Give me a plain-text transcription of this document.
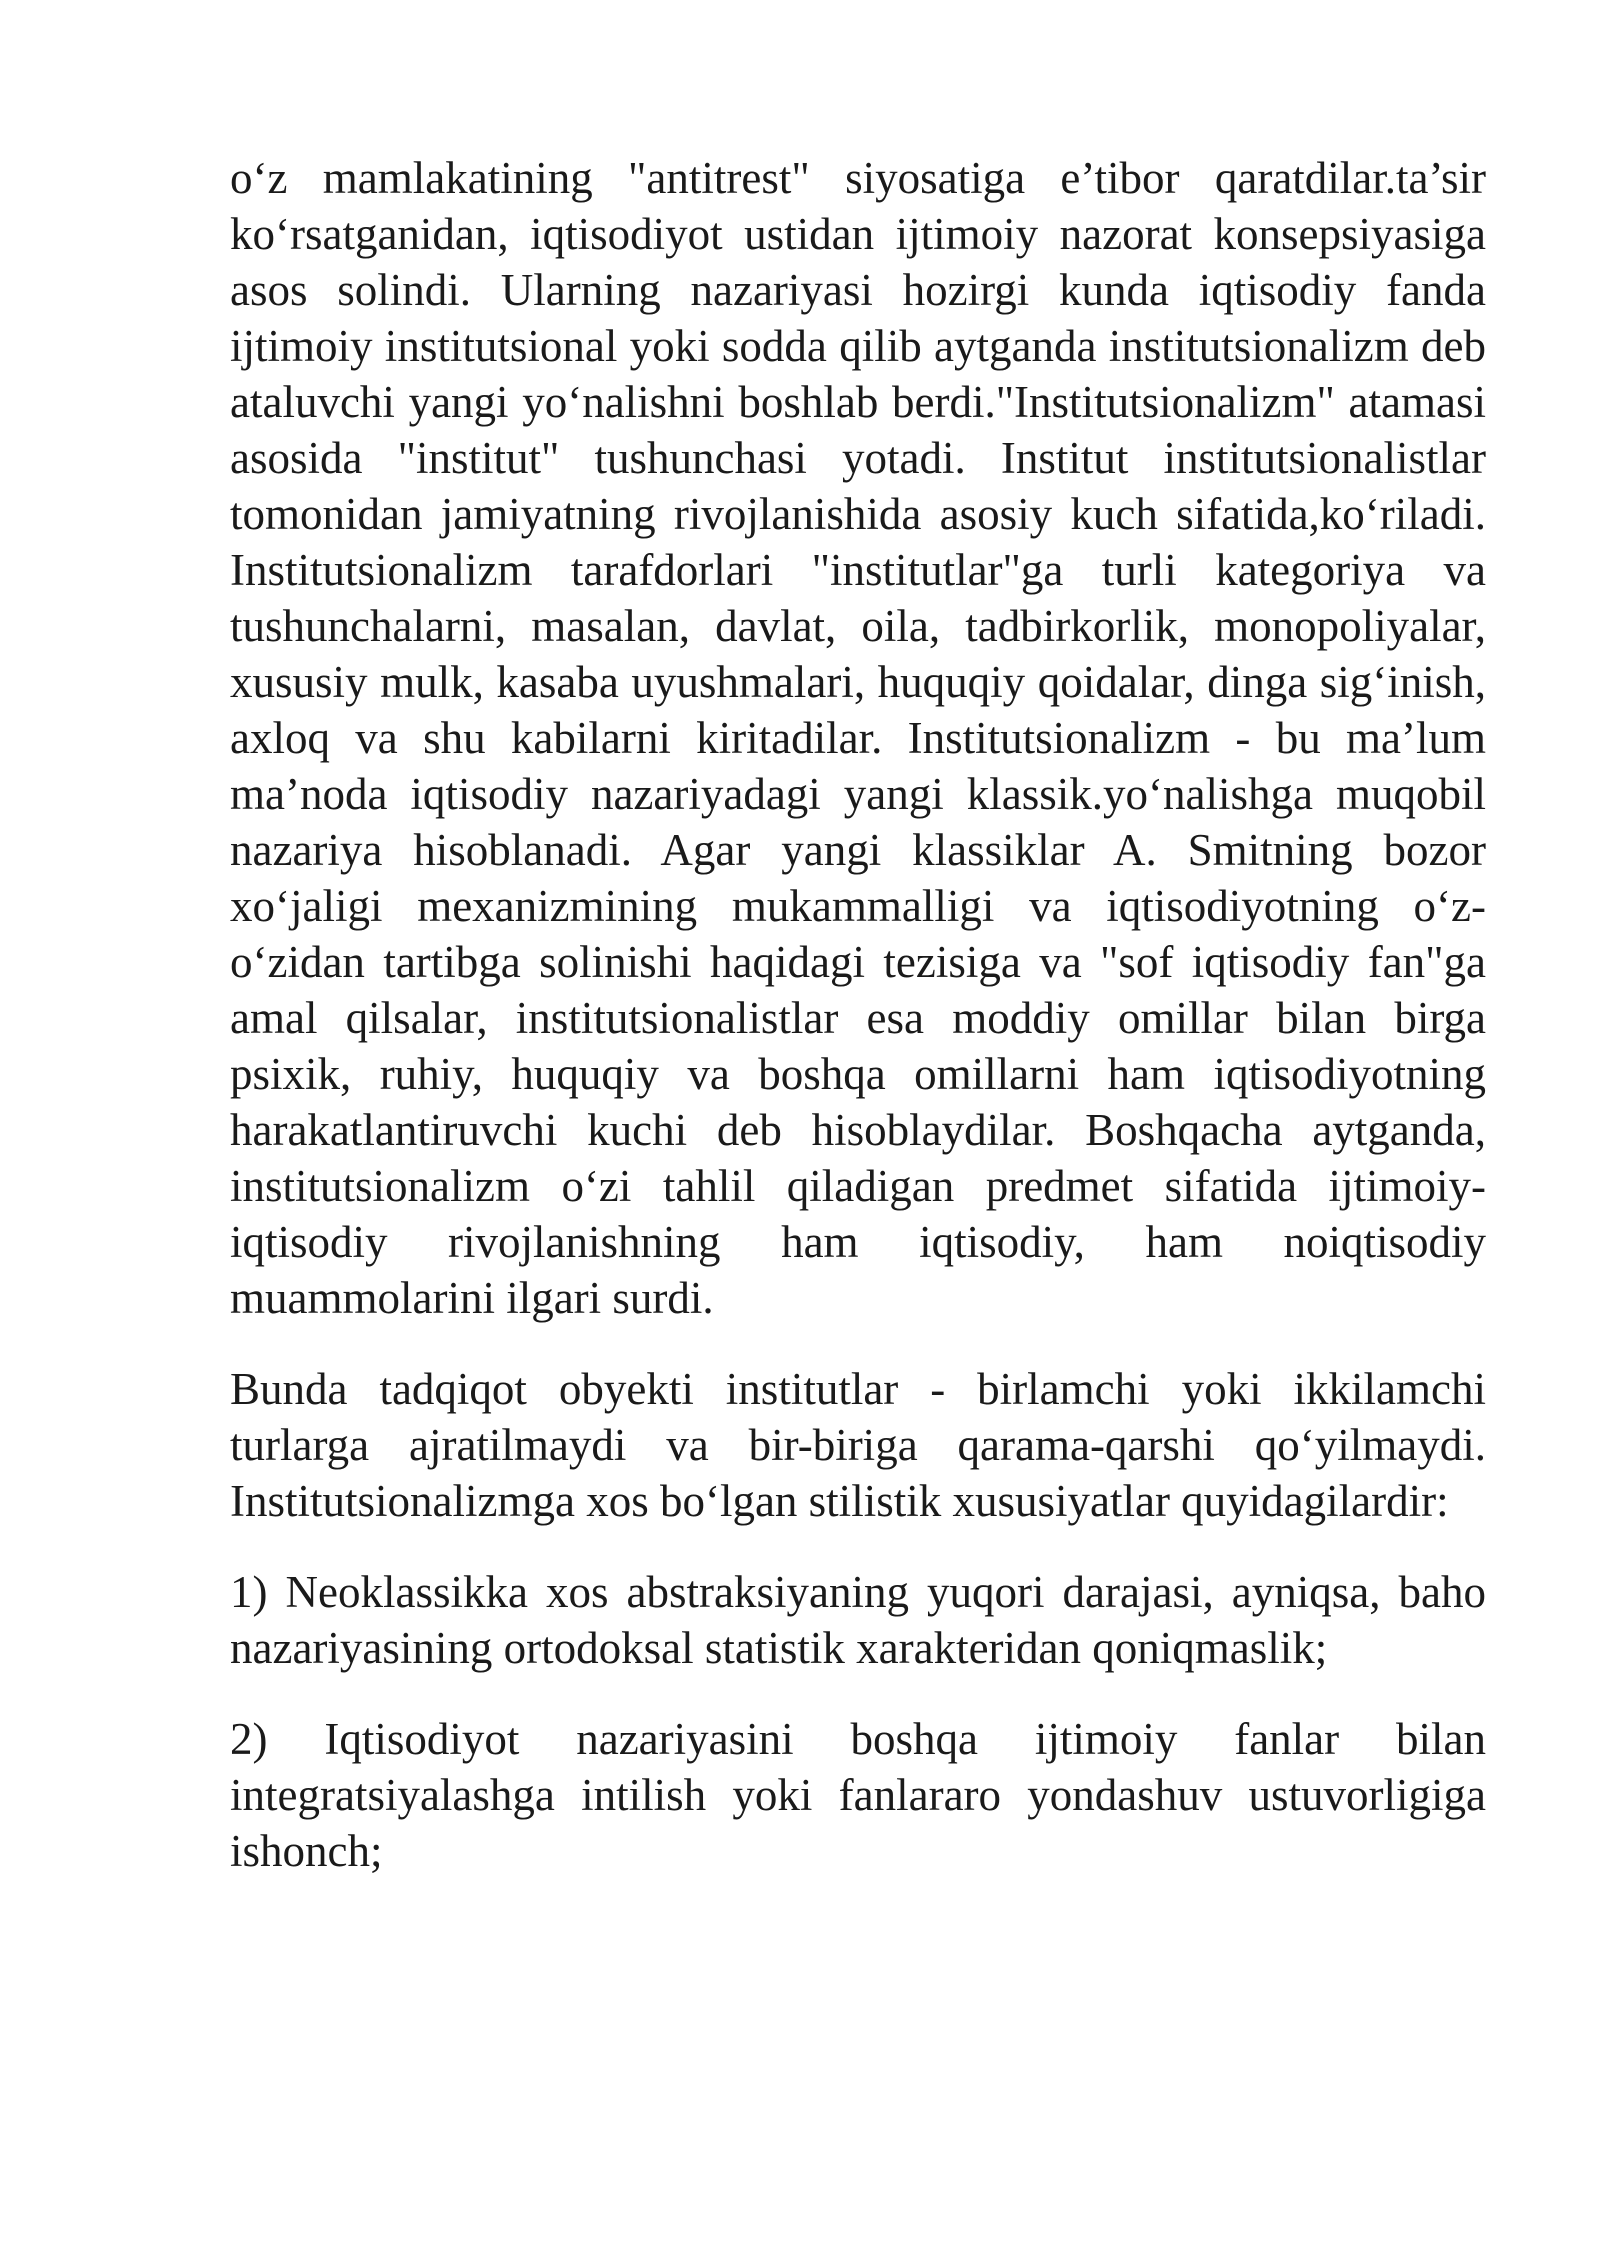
o‘z mamlakatining "antitrest" siyosatiga e’tibor qaratdilar.ta’sir ko‘rsatganidan, iqtisodiyot ustidan ijtimoiy nazorat konsepsiyasiga asos solindi. Ularning nazariyasi hozirgi kunda iqtisodiy fanda ijtimoiy institutsional yoki sodda qilib aytganda institutsionalizm deb ataluvchi yangi yo‘nalishni boshlab berdi."Institutsionalizm" atamasi asosida "institut" tushunchasi yotadi. Institut institutsionalistlar tomonidan jamiyatning rivojlanishida asosiy kuch sifatida,ko‘riladi. Institutsionalizm tarafdorlari "institutlar"ga turli kategoriya va tushunchalarni, masalan, davlat, oila, tadbirkorlik, monopoliyalar, xususiy mulk, kasaba uyushmalari, huquqiy qoidalar, dinga sig‘inish, axloq va shu kabilarni kiritadilar. Institutsionalizm - bu ma’lum ma’noda iqtisodiy nazariyadagi yangi klassik.yo‘nalishga muqobil nazariya hisoblanadi. Agar yangi klassiklar A. Smitning bozor xo‘jaligi mexanizmining mukammalligi va iqtisodiyotning o‘z-o‘zidan tartibga solinishi haqidagi tezisiga va "sof iqtisodiy fan"ga amal qilsalar, institutsionalistlar esa moddiy omillar bilan birga psixik, ruhiy, huquqiy va boshqa omillarni ham iqtisodiyotning harakatlantiruvchi kuchi deb hisoblaydilar. Boshqacha aytganda, institutsionalizm o‘zi tahlil qiladigan predmet sifatida ijtimoiy-iqtisodiy rivojlanishning ham iqtisodiy, ham noiqtisodiy muammolarini ilgari surdi.

Bunda tadqiqot obyekti institutlar - birlamchi yoki ikkilamchi turlarga ajratilmaydi va bir-biriga qarama-qarshi qo‘yilmaydi. Institutsionalizmga xos bo‘lgan stilistik xususiyatlar quyidagilardir:

1) Neoklassikka xos abstraksiyaning yuqori darajasi, ayniqsa, baho nazariyasining ortodoksal statistik xarakteridan qoniqmaslik;

2) Iqtisodiyot nazariyasini boshqa ijtimoiy fanlar bilan integratsiyalashga intilish yoki fanlararo yondashuv ustuvorligiga ishonch;
